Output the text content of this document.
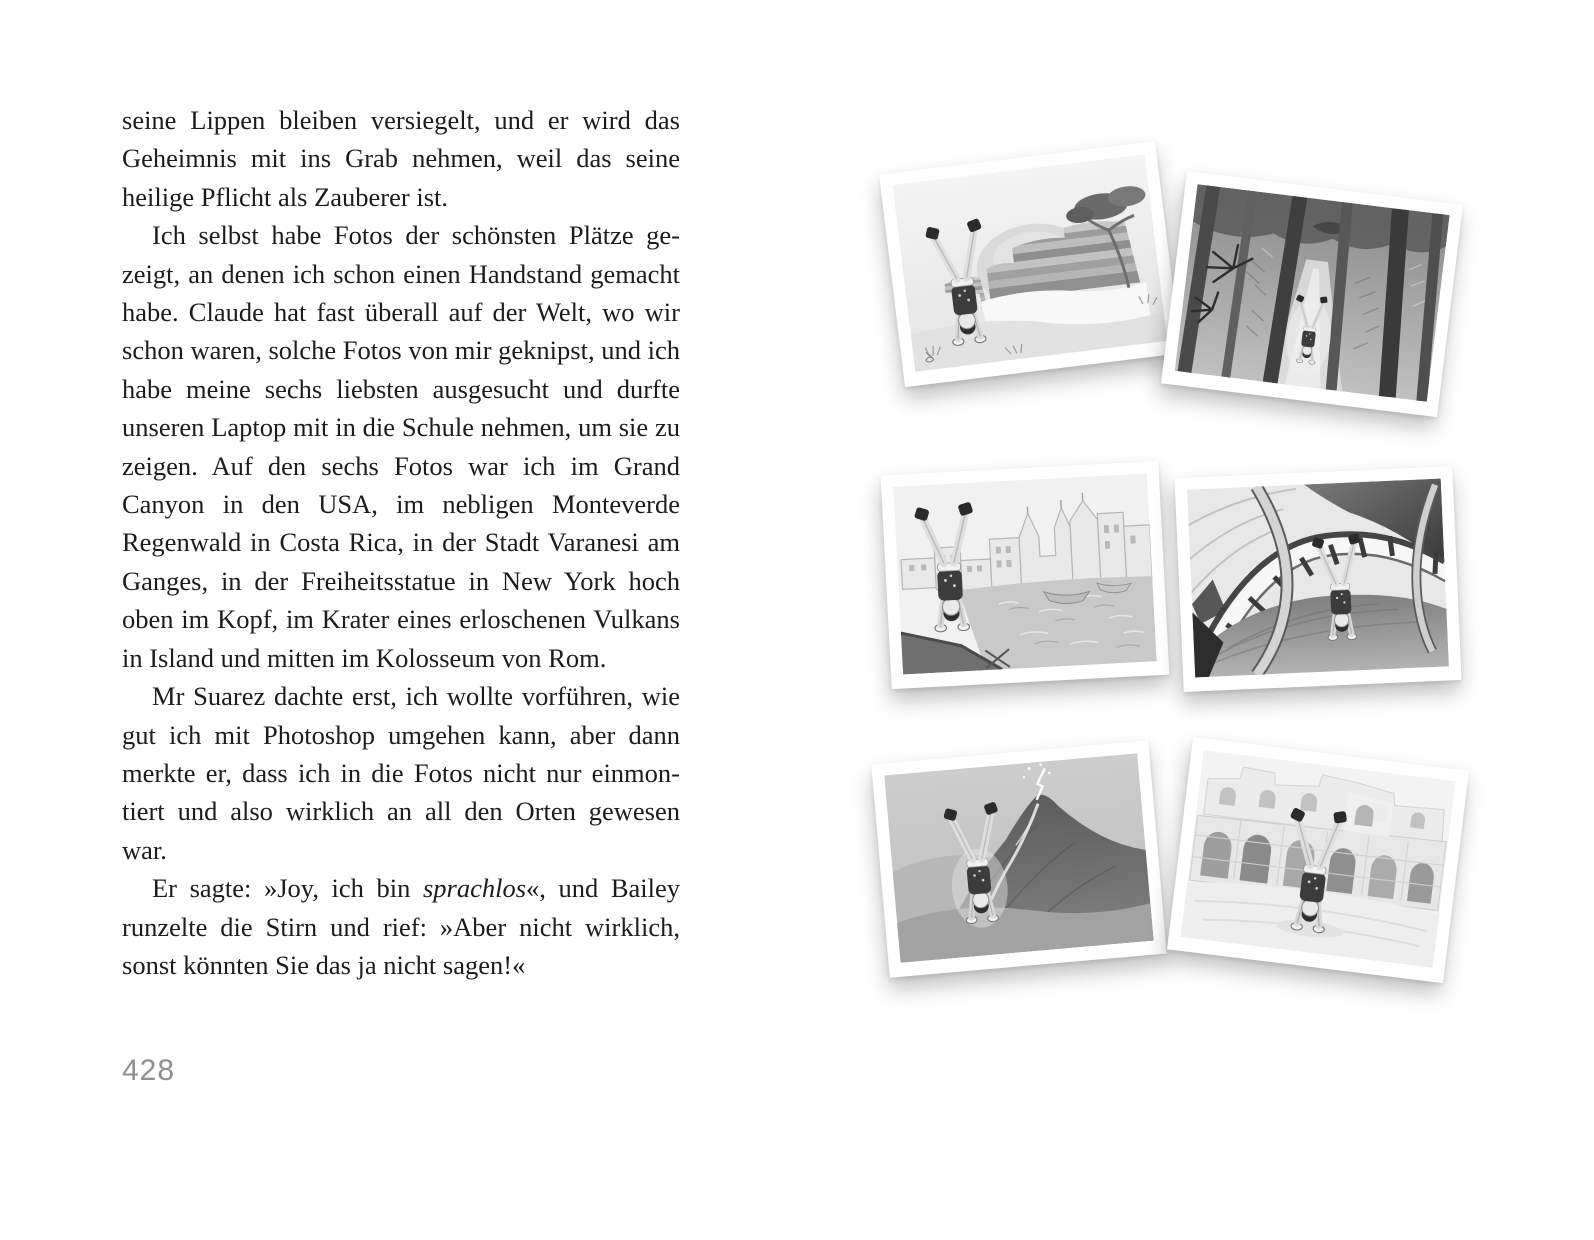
seine Lippen bleiben versiegelt, und er wird das Geheimnis mit ins Grab nehmen, weil das seine heilige Pflicht als Zauberer ist.

Ich selbst habe Fotos der schönsten Plätze gezeigt, an denen ich schon einen Handstand gemacht habe. Claude hat fast überall auf der Welt, wo wir schon waren, solche Fotos von mir geknipst, und ich habe meine sechs liebsten ausgesucht und durfte unseren Laptop mit in die Schule nehmen, um sie zu zeigen. Auf den sechs Fotos war ich im Grand Canyon in den USA, im nebligen Monteverde Regenwald in Costa Rica, in der Stadt Varanesi am Ganges, in der Freiheitsstatue in New York hoch oben im Kopf, im Krater eines erloschenen Vulkans in Island und mitten im Kolosseum von Rom.

Mr Suarez dachte erst, ich wollte vorführen, wie gut ich mit Photoshop umgehen kann, aber dann merkte er, dass ich in die Fotos nicht nur einmontiert und also wirklich an all den Orten gewesen war.

Er sagte: »Joy, ich bin sprachlos«, und Bailey runzelte die Stirn und rief: »Aber nicht wirklich, sonst könnten Sie das ja nicht sagen!«

428
